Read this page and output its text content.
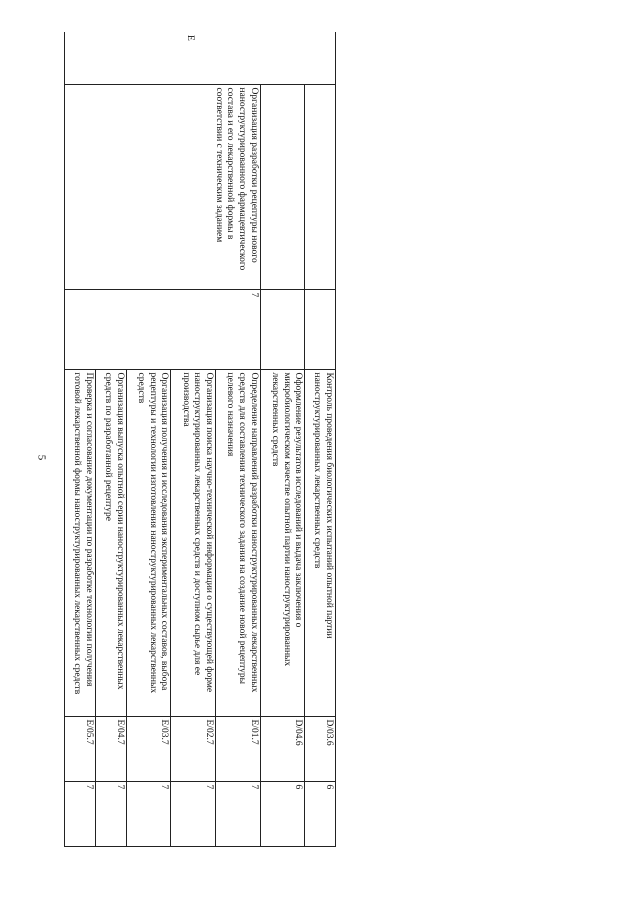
5
E			Контроль проведения биологических испытаний опытной партии наноструктурированных лекарственных средств	D/03.6	6
			Оформление результатов исследований и выдача заключения о микробиологическом качестве опытной партии наноструктурированных лекарственных средств	D/04.6	6
	Организация разработки рецептуры нового наноструктурированного фармацевтического состава и его лекарственной формы в соответствии с техническим заданием	7	Определение направлений разработки наноструктурированных лекарственных средств для составления технического задания на создание новой рецептуры целевого назначения	E/01.7	7
			Организация поиска научно-технической информации о существующей форме наноструктурированных лекарственных средств и доступном сырье для ее производства	E/02.7	7
			Организация получения и исследования экспериментальных составов, выбора рецептуры и технологии изготовления наноструктурированных лекарственных средств	E/03.7	7
			Организация выпуска опытной серии наноструктурированных лекарственных средств по разработанной рецептуре	E/04.7	7
			Проверка и согласование документации по разработке технологии получения готовой лекарственной формы наноструктурированных лекарственных средств	E/05.7	7
